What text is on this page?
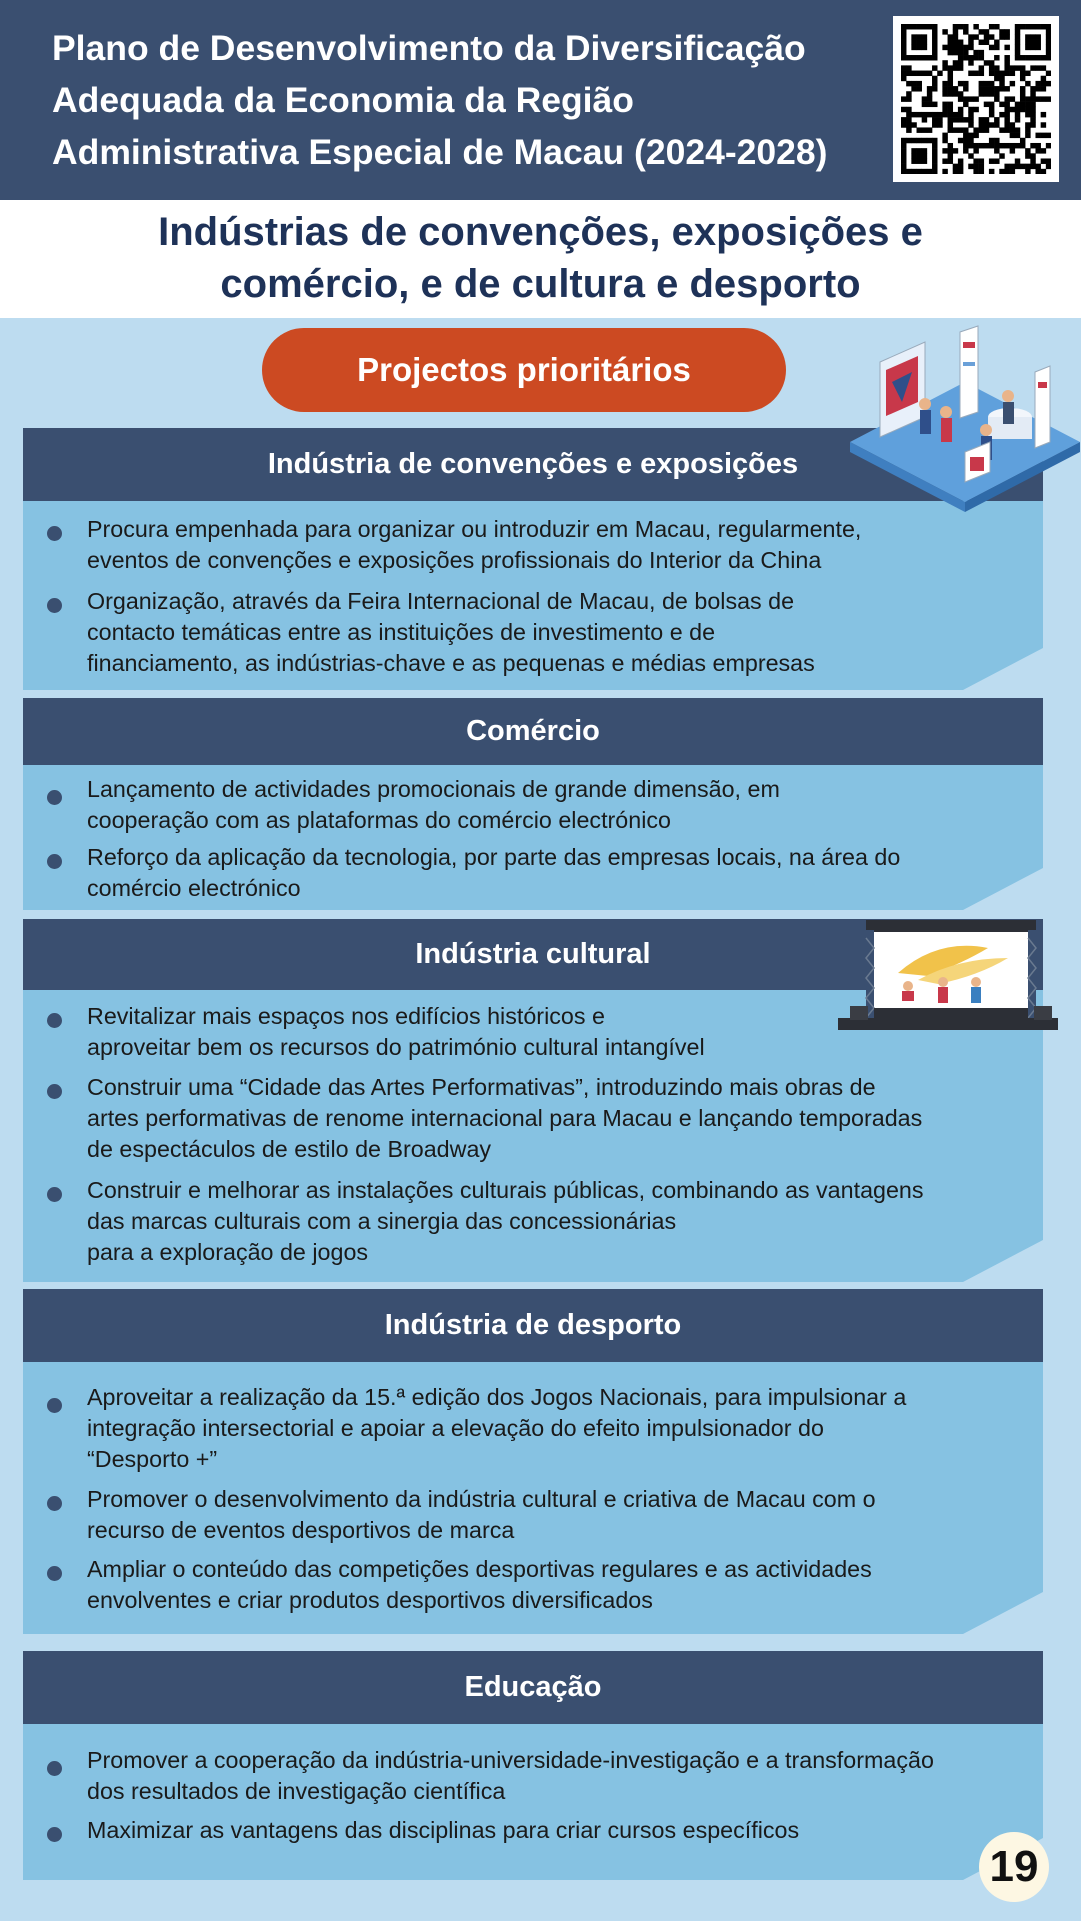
Plano de Desenvolvimento da Diversificação
Adequada da Economia da Região
Administrativa Especial de Macau (2024-2028)
Indústrias de convenções, exposições e
comércio, e de cultura e desporto
Projectos prioritários
Indústria de convenções e exposições
Procura empenhada para organizar ou introduzir em Macau, regularmente,
eventos de convenções e exposições profissionais do Interior da China
Organização, através da Feira Internacional de Macau, de bolsas de
contacto temáticas entre as instituições de investimento e de
financiamento, as indústrias-chave e as pequenas e médias empresas
Comércio
Lançamento de actividades promocionais de grande dimensão, em
cooperação com as plataformas do comércio electrónico
Reforço da aplicação da tecnologia, por parte das empresas locais, na área do
comércio electrónico
Indústria cultural
Revitalizar mais espaços nos edifícios históricos e
aproveitar bem os recursos do património cultural intangível
Construir uma “Cidade das Artes Performativas”, introduzindo mais obras de
artes performativas de renome internacional para Macau e lançando temporadas
de espectáculos de estilo de Broadway
Construir e melhorar as instalações culturais públicas, combinando as vantagens
das marcas culturais com a sinergia das concessionárias
para a exploração de jogos
Indústria de desporto
Aproveitar a realização da 15.ª edição dos Jogos Nacionais, para impulsionar a
integração intersectorial e apoiar a elevação do efeito impulsionador do
“Desporto +”
Promover o desenvolvimento da indústria cultural e criativa de Macau com o
recurso de eventos desportivos de marca
Ampliar o conteúdo das competições desportivas regulares e as actividades
envolventes e criar produtos desportivos diversificados
Educação
Promover a cooperação da indústria-universidade-investigação e a transformação
dos resultados de investigação científica
Maximizar as vantagens das disciplinas para criar cursos específicos
19
